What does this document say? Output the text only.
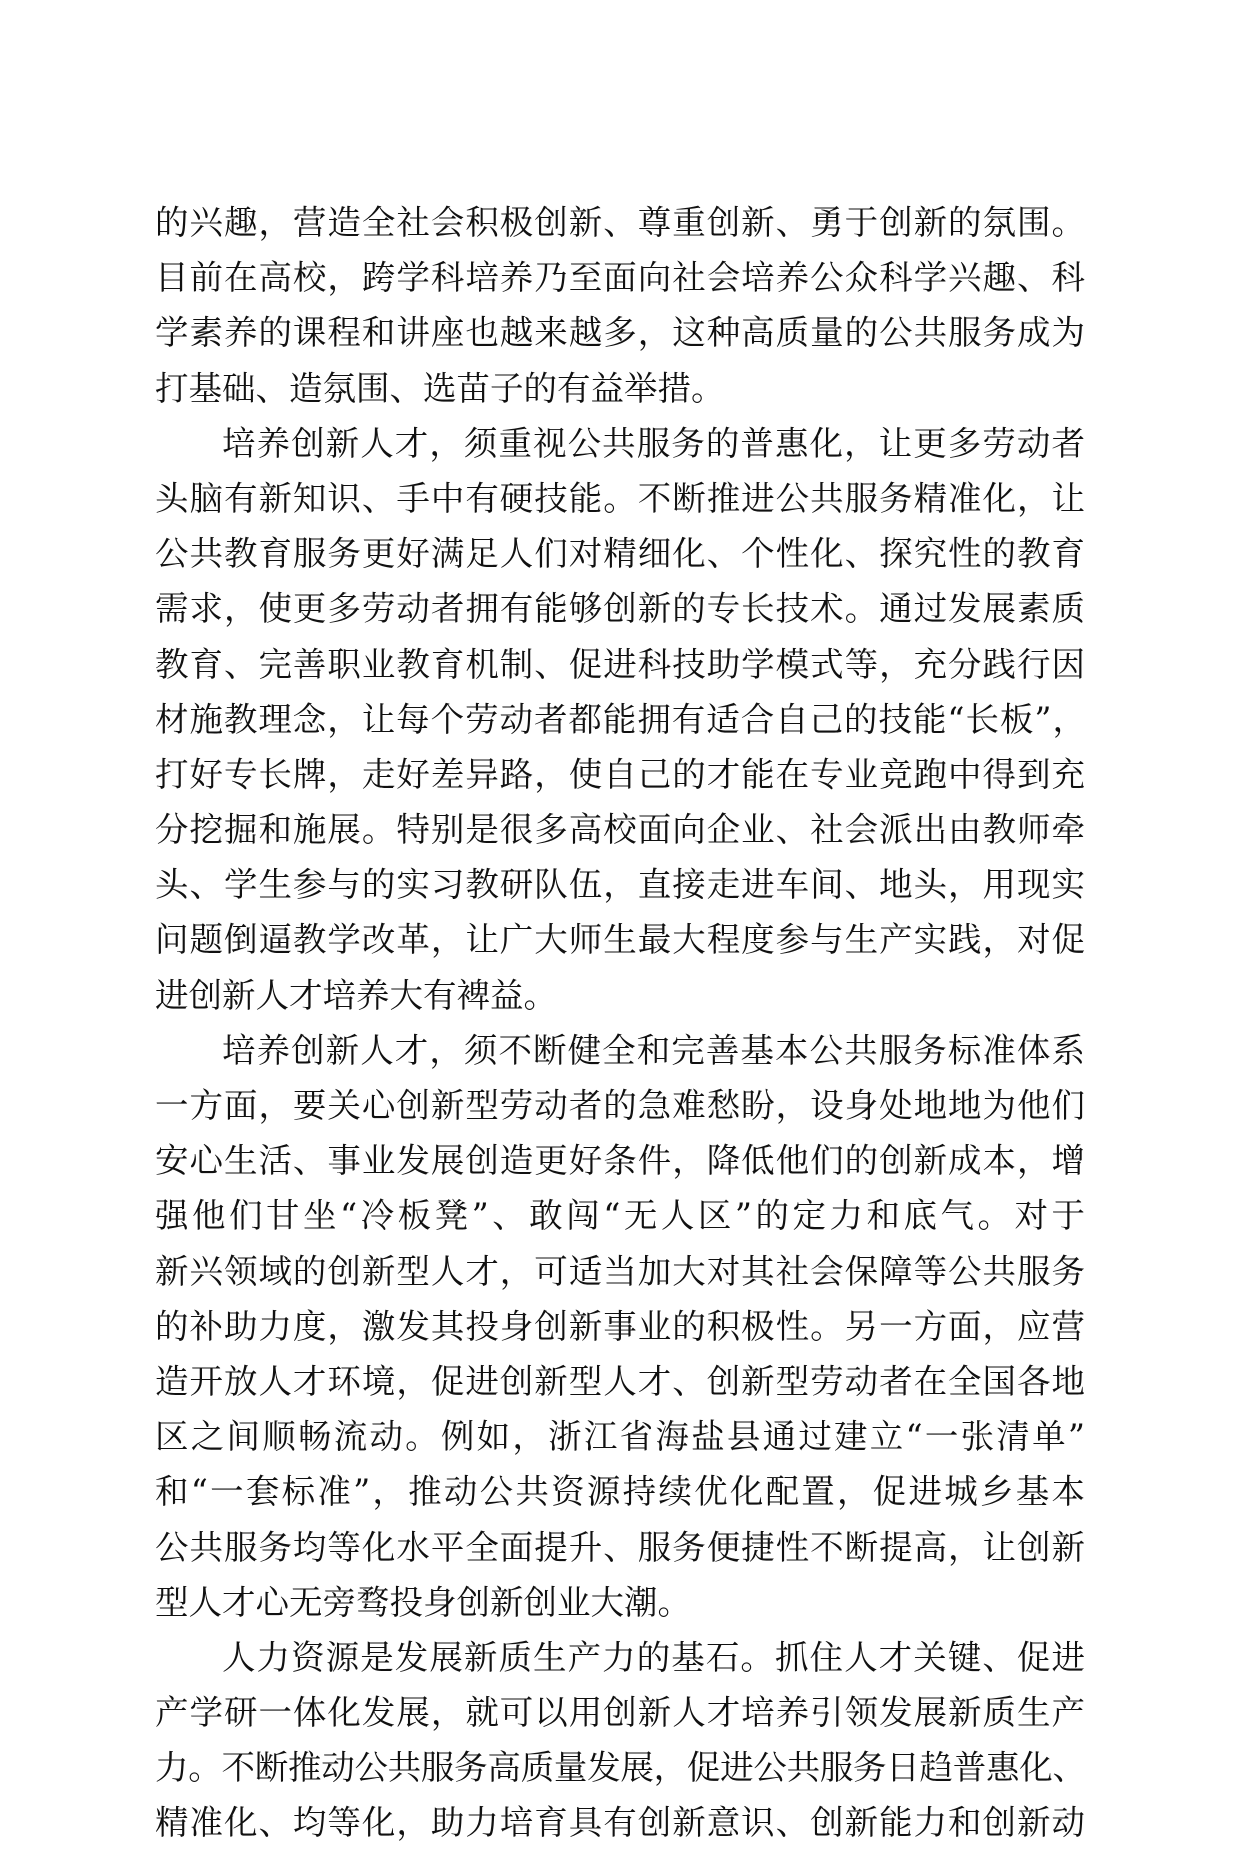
的兴趣，营造全社会积极创新、尊重创新、勇于创新的氛围。
目前在高校，跨学科培养乃至面向社会培养公众科学兴趣、科
学素养的课程和讲座也越来越多，这种高质量的公共服务成为
打基础、造氛围、选苗子的有益举措。
培养创新人才，须重视公共服务的普惠化，让更多劳动者
头脑有新知识、手中有硬技能。不断推进公共服务精准化，让
公共教育服务更好满足人们对精细化、个性化、探究性的教育
需求，使更多劳动者拥有能够创新的专长技术。通过发展素质
教育、完善职业教育机制、促进科技助学模式等，充分践行因
材施教理念，让每个劳动者都能拥有适合自己的技能“长板”，
打好专长牌，走好差异路，使自己的才能在专业竞跑中得到充
分挖掘和施展。特别是很多高校面向企业、社会派出由教师牵
头、学生参与的实习教研队伍，直接走进车间、地头，用现实
问题倒逼教学改革，让广大师生最大程度参与生产实践，对促
进创新人才培养大有裨益。
培养创新人才，须不断健全和完善基本公共服务标准体系
一方面，要关心创新型劳动者的急难愁盼，设身处地地为他们
安心生活、事业发展创造更好条件，降低他们的创新成本，增
强他们甘坐“冷板凳”、敢闯“无人区”的定力和底气。对于
新兴领域的创新型人才，可适当加大对其社会保障等公共服务
的补助力度，激发其投身创新事业的积极性。另一方面，应营
造开放人才环境，促进创新型人才、创新型劳动者在全国各地
区之间顺畅流动。例如，浙江省海盐县通过建立“一张清单”
和“一套标准”，推动公共资源持续优化配置，促进城乡基本
公共服务均等化水平全面提升、服务便捷性不断提高，让创新
型人才心无旁骛投身创新创业大潮。
人力资源是发展新质生产力的基石。抓住人才关键、促进
产学研一体化发展，就可以用创新人才培养引领发展新质生产
力。不断推动公共服务高质量发展，促进公共服务日趋普惠化、
精准化、均等化，助力培育具有创新意识、创新能力和创新动
